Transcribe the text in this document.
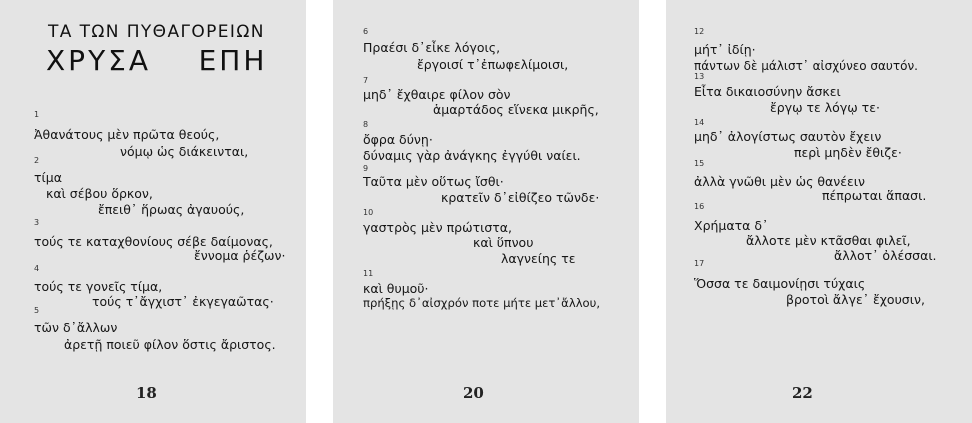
ΤΑ ΤΩΝ ΠΥΘΑΓΟΡΕΙΩΝ
ΧΡΥΣΑ    ΕΠΗ
1
Ἀθανάτους μὲν πρῶτα θεούς,
νόμῳ ὡς διάκεινται,
2
τίμα
καὶ σέβου ὅρκον,
ἔπειθ᾽ ἥρωας ἀγαυούς,
3
τούς τε καταχθονίους σέβε δαίμονας,
ἔννομα ῥέζων·
4
τούς τε γονεῖς τίμα,
τούς τ᾽ἄγχιστ᾽ ἐκγεγαῶτας·
5
τῶν δ᾽ἄλλων
ἀρετῇ ποιεῦ φίλον ὅστις ἄριστος.
18
6
Πραέσι δ᾽εἶκε λόγοις,
ἔργοισί τ᾽ἐπωφελίμοισι,
7
μηδ᾽ ἔχθαιρε φίλον σὸν
ἁμαρτάδος εἵνεκα μικρῆς,
8
ὄφρα δύνῃ·
δύναμις γὰρ ἀνάγκης ἐγγύθι ναίει.
9
Ταῦτα μὲν οὕτως ἴσθι·
κρατεῖν δ᾽εἰθίζεο τῶνδε·
10
γαστρὸς μὲν πρώτιστα,
καὶ ὕπνου
λαγνείης τε
11
καὶ θυμοῦ·
πρήξῃς δ᾽αἰσχρόν ποτε μήτε μετ᾽ἄλλου,
20
12
μήτ᾽ ἰδίῃ·
πάντων δὲ μάλιστ᾽ αἰσχύνεο σαυτόν.
13
Εἶτα δικαιοσύνην ἄσκει
ἔργῳ τε λόγῳ τε·
14
μηδ᾽ ἀλογίστως σαυτὸν ἔχειν
περὶ μηδὲν ἔθιζε·
15
ἀλλὰ γνῶθι μὲν ὡς θανέειν
πέπρωται ἅπασι.
16
Χρήματα δ᾽
ἄλλοτε μὲν κτᾶσθαι φιλεῖ,
ἄλλοτ᾽ ὀλέσσαι.
17
Ὅσσα τε δαιμονίῃσι τύχαις
βροτοὶ ἄλγε᾽ ἔχουσιν,
22
